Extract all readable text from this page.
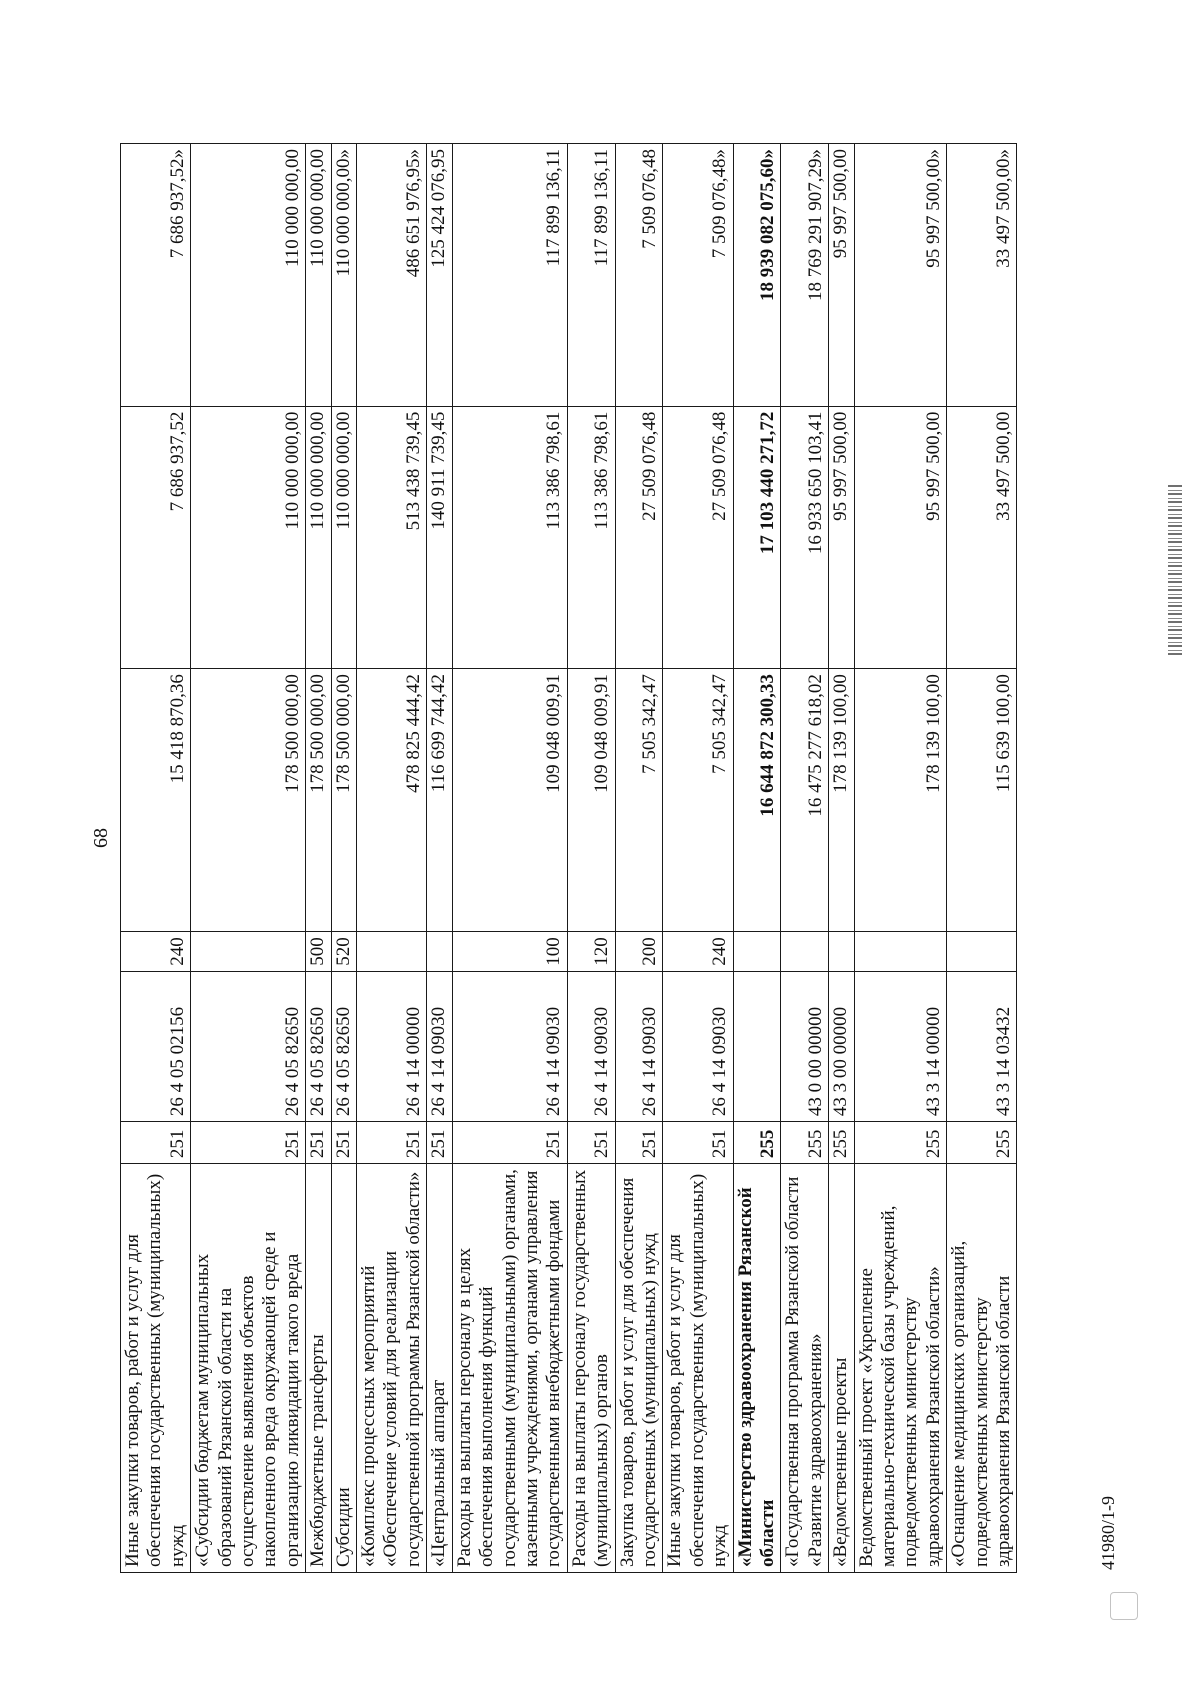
68
Иные закупки товаров, работ и услуг для обеспечения государственных (муниципальных) нужд	251	26 4 05 02156	240	15 418 870,36	7 686 937,52	7 686 937,52»
«Субсидии бюджетам муниципальных образований Рязанской области на осуществление выявления объектов накопленного вреда окружающей среде и организацию ликвидации такого вреда	251	26 4 05 82650		178 500 000,00	110 000 000,00	110 000 000,00
Межбюджетные трансферты	251	26 4 05 82650	500	178 500 000,00	110 000 000,00	110 000 000,00
Субсидии	251	26 4 05 82650	520	178 500 000,00	110 000 000,00	110 000 000,00»
«Комплекс процессных мероприятий «Обеспечение условий для реализации государственной программы Рязанской области»	251	26 4 14 00000		478 825 444,42	513 438 739,45	486 651 976,95»
«Центральный аппарат	251	26 4 14 09030		116 699 744,42	140 911 739,45	125 424 076,95
Расходы на выплаты персоналу в целях обеспечения выполнения функций государственными (муниципальными) органами, казенными учреждениями, органами управления государственными внебюджетными фондами	251	26 4 14 09030	100	109 048 009,91	113 386 798,61	117 899 136,11
Расходы на выплаты персоналу государственных (муниципальных) органов	251	26 4 14 09030	120	109 048 009,91	113 386 798,61	117 899 136,11
Закупка товаров, работ и услуг для обеспечения государственных (муниципальных) нужд	251	26 4 14 09030	200	7 505 342,47	27 509 076,48	7 509 076,48
Иные закупки товаров, работ и услуг для обеспечения государственных (муниципальных) нужд	251	26 4 14 09030	240	7 505 342,47	27 509 076,48	7 509 076,48»
«Министерство здравоохранения Рязанской области	255			16 644 872 300,33	17 103 440 271,72	18 939 082 075,60»
«Государственная программа Рязанской области «Развитие здравоохранения»	255	43 0 00 00000		16 475 277 618,02	16 933 650 103,41	18 769 291 907,29»
«Ведомственные проекты	255	43 3 00 00000		178 139 100,00	95 997 500,00	95 997 500,00
Ведомственный проект «Укрепление материально-технической базы учреждений, подведомственных министерству здравоохранения Рязанской области»	255	43 3 14 00000		178 139 100,00	95 997 500,00	95 997 500,00»
«Оснащение медицинских организаций, подведомственных министерству здравоохранения Рязанской области	255	43 3 14 03432		115 639 100,00	33 497 500,00	33 497 500,00»
41980/1-9
